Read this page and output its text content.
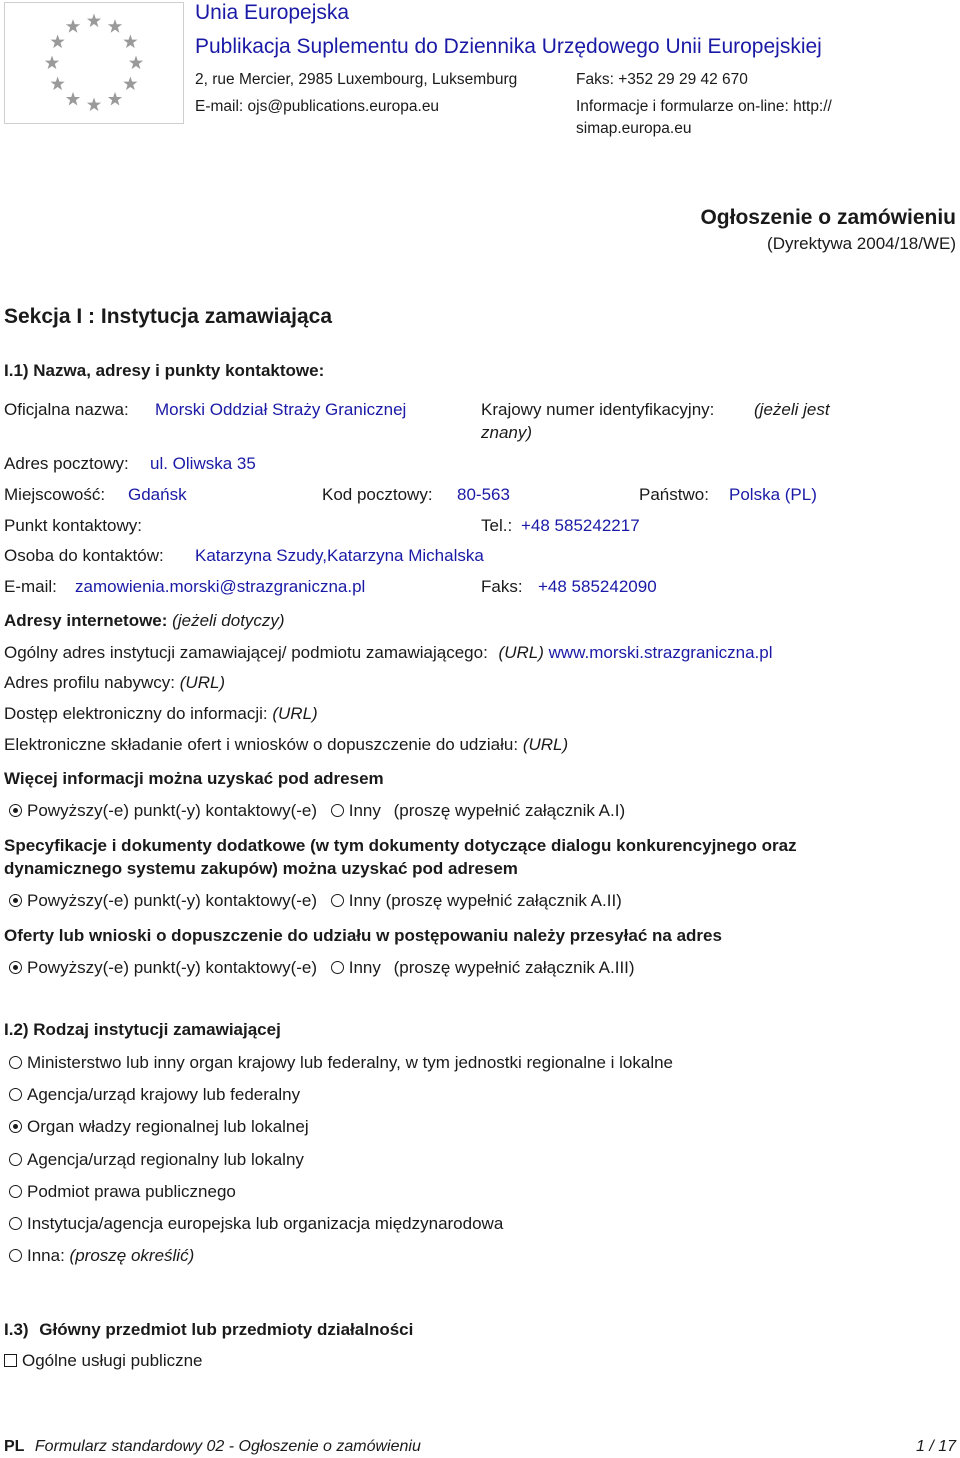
Unia Europejska
Publikacja Suplementu do Dziennika Urzędowego Unii Europejskiej
2, rue Mercier, 2985 Luxembourg, Luksemburg	Faks: +352 29 29 42 670
E-mail: ojs@publications.europa.eu	Informacje i formularze on-line: http://
simap.europa.eu
Ogłoszenie o zamówieniu
(Dyrektywa 2004/18/WE)
Sekcja I : Instytucja zamawiająca
I.1) Nazwa, adresy i punkty kontaktowe:
Oficjalna nazwa: Morski Oddział Straży Granicznej	Krajowy numer identyfikacyjny: (jeżeli jest
znany)
Adres pocztowy: ul. Oliwska 35
Miejscowość: Gdańsk	Kod pocztowy: 80-563	Państwo: Polska (PL)
Punkt kontaktowy:	Tel.: +48 585242217
Osoba do kontaktów: Katarzyna Szudy,Katarzyna Michalska
E-mail: zamowienia.morski@strazgraniczna.pl	Faks: +48 585242090
Adresy internetowe: (jeżeli dotyczy)
Ogólny adres instytucji zamawiającej/ podmiotu zamawiającego: (URL) www.morski.strazgraniczna.pl
Adres profilu nabywcy: (URL)
Dostęp elektroniczny do informacji: (URL)
Elektroniczne składanie ofert i wniosków o dopuszczenie do udziału: (URL)
Więcej informacji można uzyskać pod adresem
Powyższy(-e) punkt(-y) kontaktowy(-e) Inny (proszę wypełnić załącznik A.I)
Specyfikacje i dokumenty dodatkowe (w tym dokumenty dotyczące dialogu konkurencyjnego oraz
dynamicznego systemu zakupów) można uzyskać pod adresem
Powyższy(-e) punkt(-y) kontaktowy(-e) Inny (proszę wypełnić załącznik A.II)
Oferty lub wnioski o dopuszczenie do udziału w postępowaniu należy przesyłać na adres
Powyższy(-e) punkt(-y) kontaktowy(-e) Inny (proszę wypełnić załącznik A.III)
I.2) Rodzaj instytucji zamawiającej
Ministerstwo lub inny organ krajowy lub federalny, w tym jednostki regionalne i lokalne
Agencja/urząd krajowy lub federalny
Organ władzy regionalnej lub lokalnej
Agencja/urząd regionalny lub lokalny
Podmiot prawa publicznego
Instytucja/agencja europejska lub organizacja międzynarodowa
Inna: (proszę określić)
I.3) Główny przedmiot lub przedmioty działalności
Ogólne usługi publiczne
PL Formularz standardowy 02 - Ogłoszenie o zamówieniu	1 / 17
